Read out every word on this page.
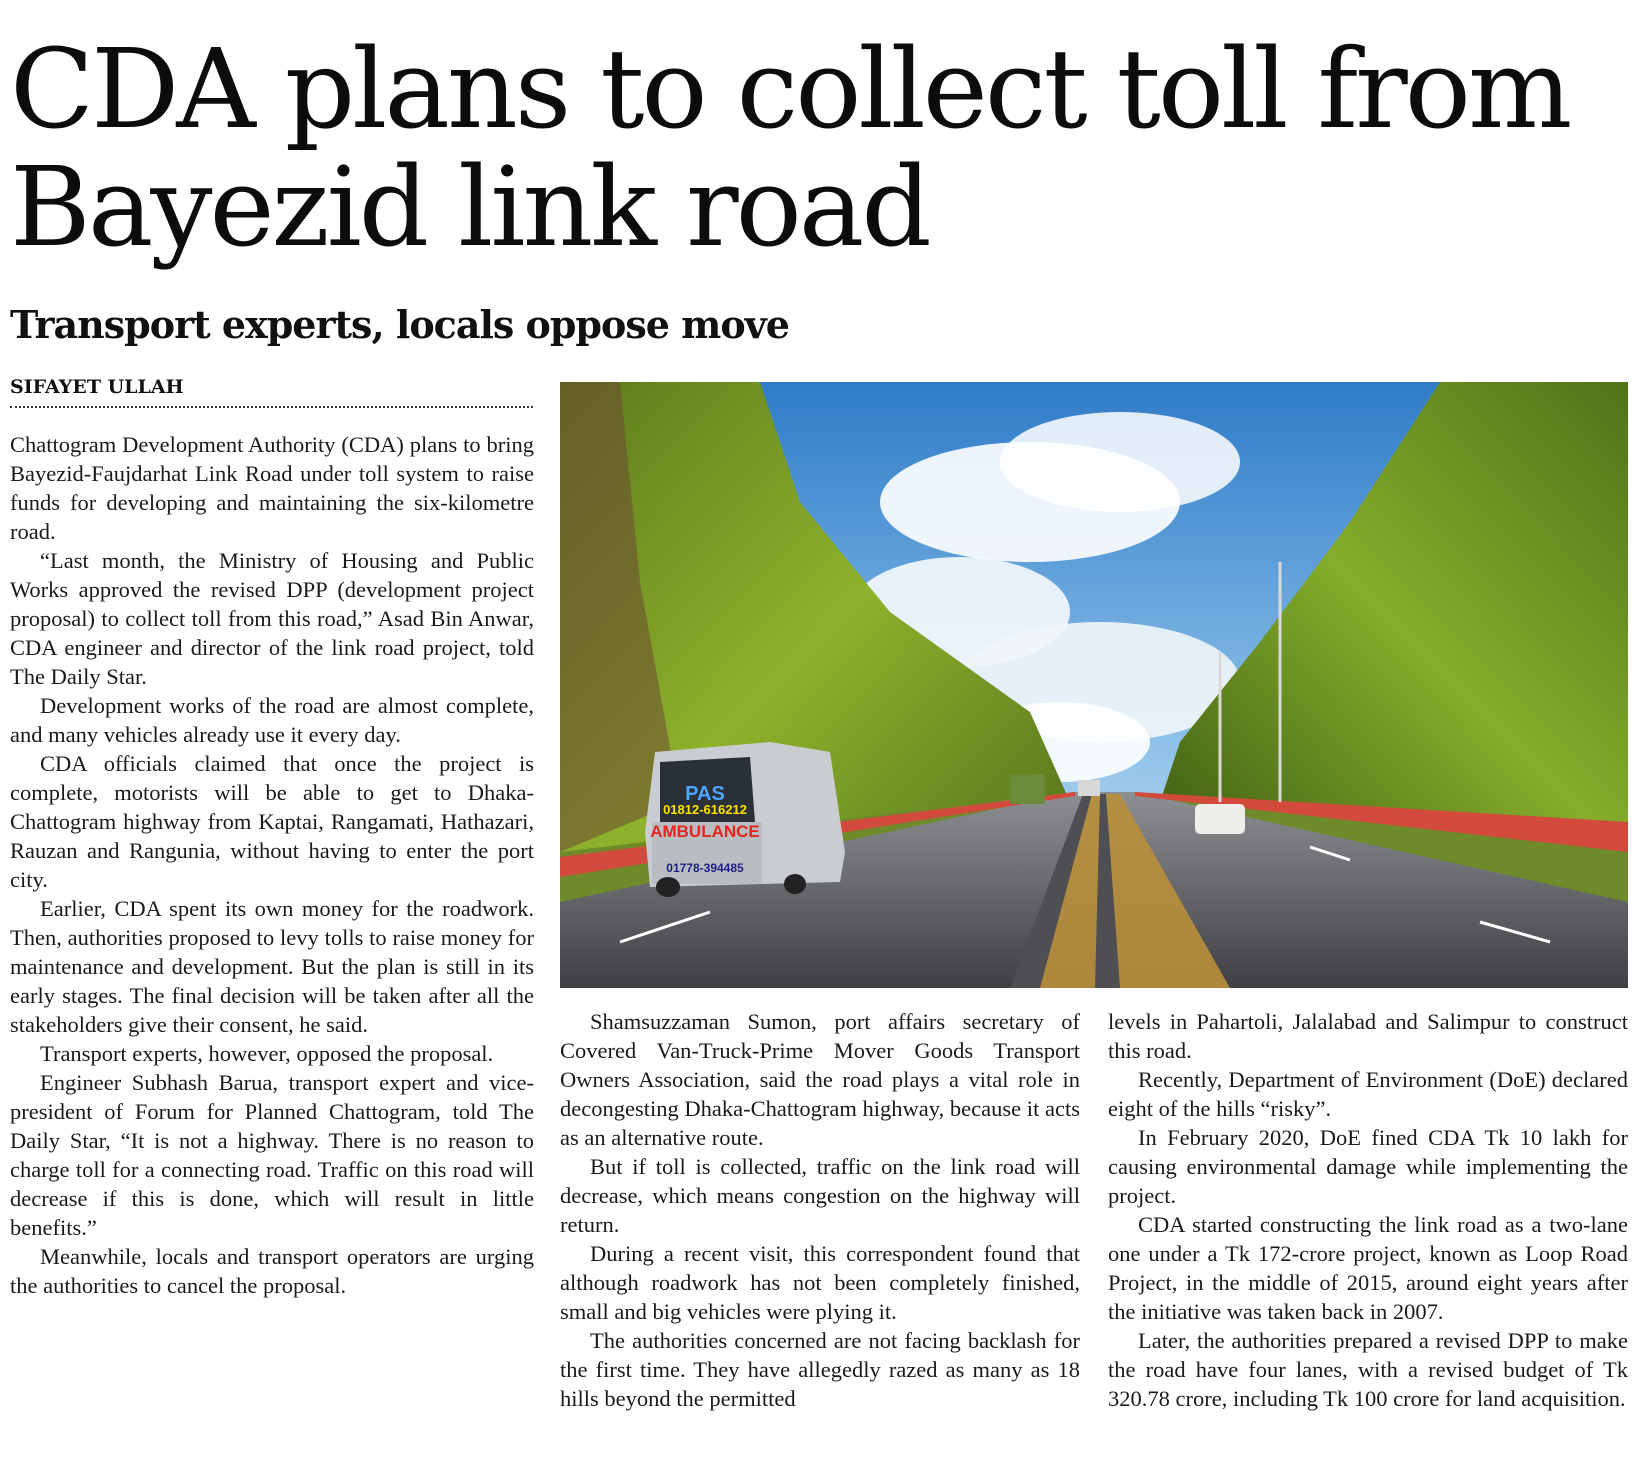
CDA plans to collect toll from Bayezid link road
Transport experts, locals oppose move
SIFAYET ULLAH
PAS
01812-616212
AMBULANCE
01778-394485

Chattogram Development Authority (CDA) plans to bring Bayezid-Faujdarhat Link Road under toll system to raise funds for developing and maintaining the six-kilometre road.

“Last month, the Ministry of Housing and Public Works approved the revised DPP (development project proposal) to collect toll from this road,” Asad Bin Anwar, CDA engineer and director of the link road project, told The Daily Star.

Development works of the road are almost complete, and many vehicles already use it every day.

CDA officials claimed that once the project is complete, motorists will be able to get to Dhaka-Chattogram highway from Kaptai, Rangamati, Hathazari, Rauzan and Rangunia, without having to enter the port city.

Earlier, CDA spent its own money for the roadwork. Then, authorities proposed to levy tolls to raise money for maintenance and development. But the plan is still in its early stages. The final decision will be taken after all the stakeholders give their consent, he said.

Transport experts, however, opposed the proposal.

Engineer Subhash Barua, transport expert and vice-president of Forum for Planned Chattogram, told The Daily Star, “It is not a highway. There is no reason to charge toll for a connecting road. Traffic on this road will decrease if this is done, which will result in little benefits.”

Meanwhile, locals and transport operators are urging the authorities to cancel the proposal.

Shamsuzzaman Sumon, port affairs secretary of Covered Van-Truck-Prime Mover Goods Transport Owners Association, said the road plays a vital role in decongesting Dhaka-Chattogram highway, because it acts as an alternative route.

But if toll is collected, traffic on the link road will decrease, which means congestion on the highway will return.

During a recent visit, this correspondent found that although roadwork has not been completely finished, small and big vehicles were plying it.

The authorities concerned are not facing backlash for the first time. They have allegedly razed as many as 18 hills beyond the permitted

levels in Pahartoli, Jalalabad and Salimpur to construct this road.

Recently, Department of Environment (DoE) declared eight of the hills “risky”.

In February 2020, DoE fined CDA Tk 10 lakh for causing environmental damage while implementing the project.

CDA started constructing the link road as a two-lane one under a Tk 172-crore project, known as Loop Road Project, in the middle of 2015, around eight years after the initiative was taken back in 2007.

Later, the authorities prepared a revised DPP to make the road have four lanes, with a revised budget of Tk 320.78 crore, including Tk 100 crore for land acquisition.
